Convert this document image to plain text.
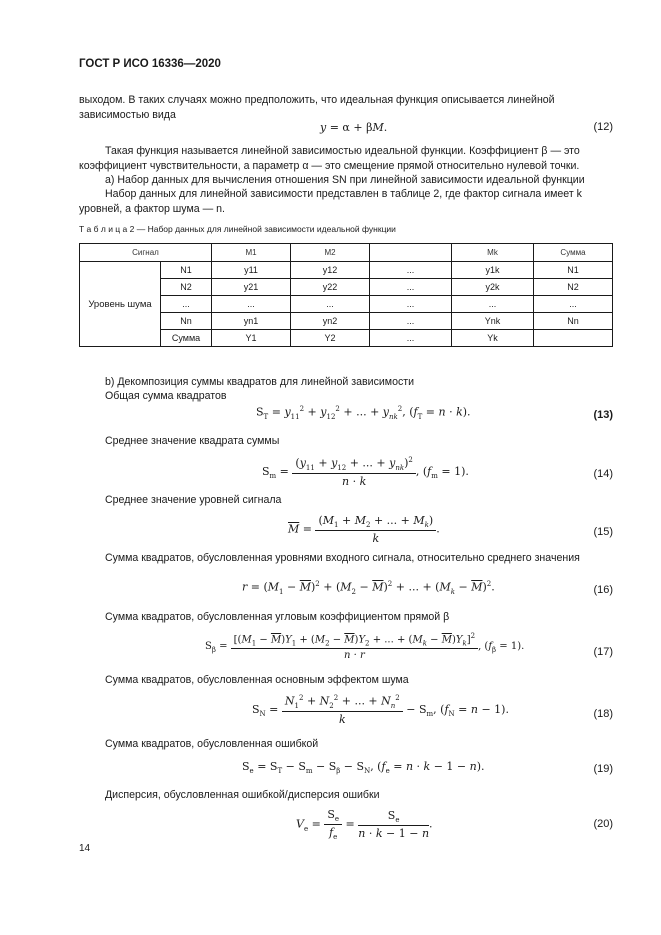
ГОСТ Р ИСО 16336—2020
выходом. В таких случаях можно предположить, что идеальная функция описывается линейной зависимостью вида
y = α + βM.	(12)
Такая функция называется линейной зависимостью идеальной функции. Коэффициент β — это коэффициент чувствительности, а параметр α — это смещение прямой относительно нулевой точки.
а) Набор данных для вычисления отношения SN при линейной зависимости идеальной функции
Набор данных для линейной зависимости представлен в таблице 2, где фактор сигнала имеет k уровней, а фактор шума — n.
Т а б л и ц а 2 — Набор данных для линейной зависимости идеальной функции
Сигнал		M1	M2		Mk	Сумма
Уровень шума	N1	y11	y12	...	y1k	N1
	N2	y21	y22	...	y2k	N2
	...	...	...	...	...	...
	Nn	yn1	yn2	...	Ynk	Nn
	Сумма	Y1	Y2	...	Yk	
b) Декомпозиция суммы квадратов для линейной зависимости
Общая сумма квадратов
$S_T = y_{11}^2 + y_{12}^2$ + ... + $y_{nk}^2$, $(f_T = n \cdot k)$.	(13)
Среднее значение квадрата суммы
$S_m = \frac{(y_{11} + y_{12} + ... + y_{nk})^2}{n \cdot k}$ , $(f_m = 1)$.	(14)
Среднее значение уровней сигнала
$\overline{M} = \frac{(M_1 + M_2 + ... + M_k)}{k}$ .	(15)
Сумма квадратов, обусловленная уровнями входного сигнала, относительно среднего значения
$r = (M_1 - \overline{M})^2 + (M_2 - \overline{M})^2$ + ... + $(M_k - \overline{M})^2$.	(16)
Сумма квадратов, обусловленная угловым коэффициентом прямой β
$S_\beta = \frac{[(M_1 - \overline{M})Y_1 + (M_2 - \overline{M})Y_2 + ... + (M_k - \overline{M})Y_k]^2}{n \cdot r}$ , $(f_\beta = 1)$.	(17)
Сумма квадратов, обусловленная основным эффектом шума
$S_N = \frac{N_1^2 + N_2^2 + ... + N_n^2}{k} - S_m$, $(f_N = n - 1)$.	(18)
Сумма квадратов, обусловленная ошибкой
$S_e = S_T - S_m - S_\beta - S_N$, $(f_e = n \cdot k - 1 - n)$.	(19)
Дисперсия, обусловленная ошибкой/дисперсия ошибки
$V_e = \frac{S_e}{f_e} = \frac{S_e}{n \cdot k - 1 - n}$ .	(20)
14
